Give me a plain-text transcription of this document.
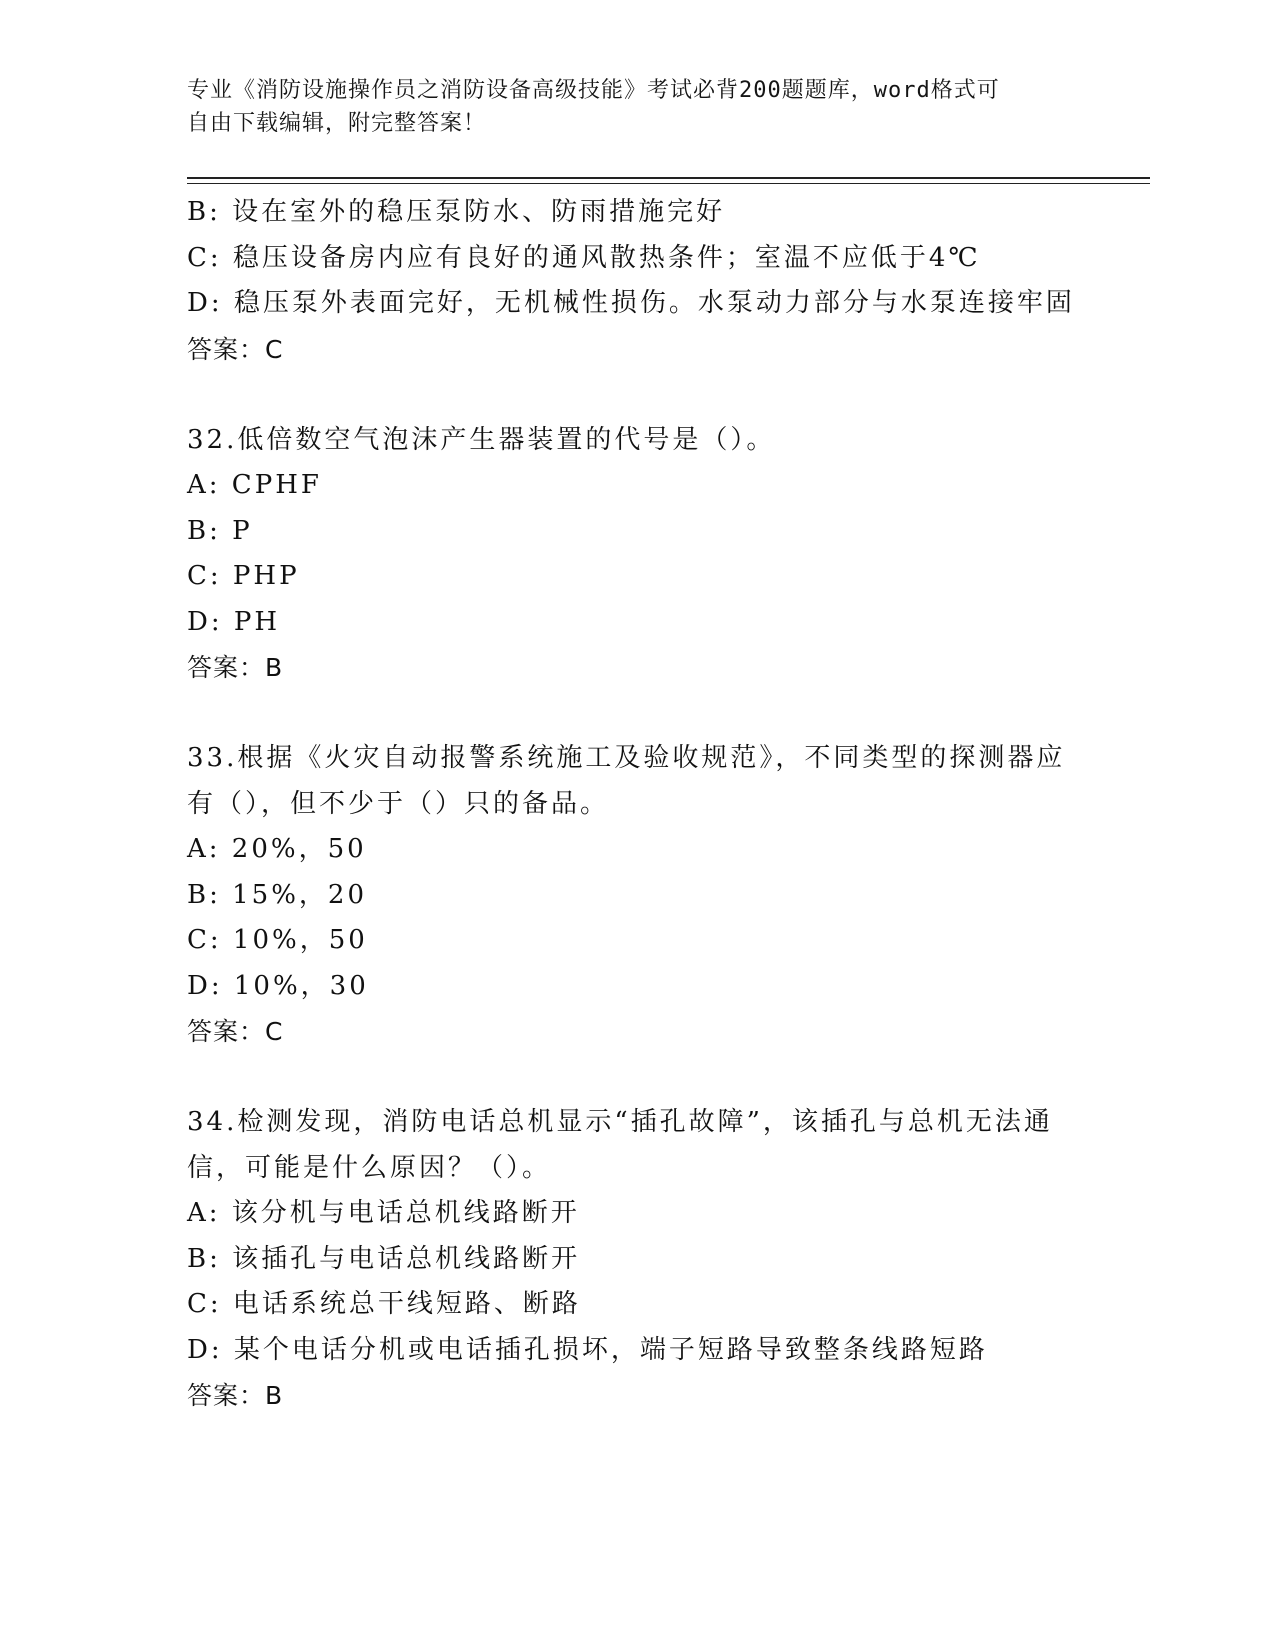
专业《消防设施操作员之消防设备高级技能》考试必背200题题库，word格式可
自由下载编辑，附完整答案！
B: 设在室外的稳压泵防水、防雨措施完好
C: 稳压设备房内应有良好的通风散热条件；室温不应低于4℃
D: 稳压泵外表面完好，无机械性损伤。水泵动力部分与水泵连接牢固
答案：C
32.低倍数空气泡沫产生器装置的代号是（）。
A: CPHF
B: P
C: PHP
D: PH
答案：B
33.根据《火灾自动报警系统施工及验收规范》，不同类型的探测器应
有（），但不少于（）只的备品。
A: 20%，50
B: 15%，20
C: 10%，50
D: 10%，30
答案：C
34.检测发现，消防电话总机显示“插孔故障”，该插孔与总机无法通
信，可能是什么原因？（）。
A: 该分机与电话总机线路断开
B: 该插孔与电话总机线路断开
C: 电话系统总干线短路、断路
D: 某个电话分机或电话插孔损坏，端子短路导致整条线路短路
答案：B
